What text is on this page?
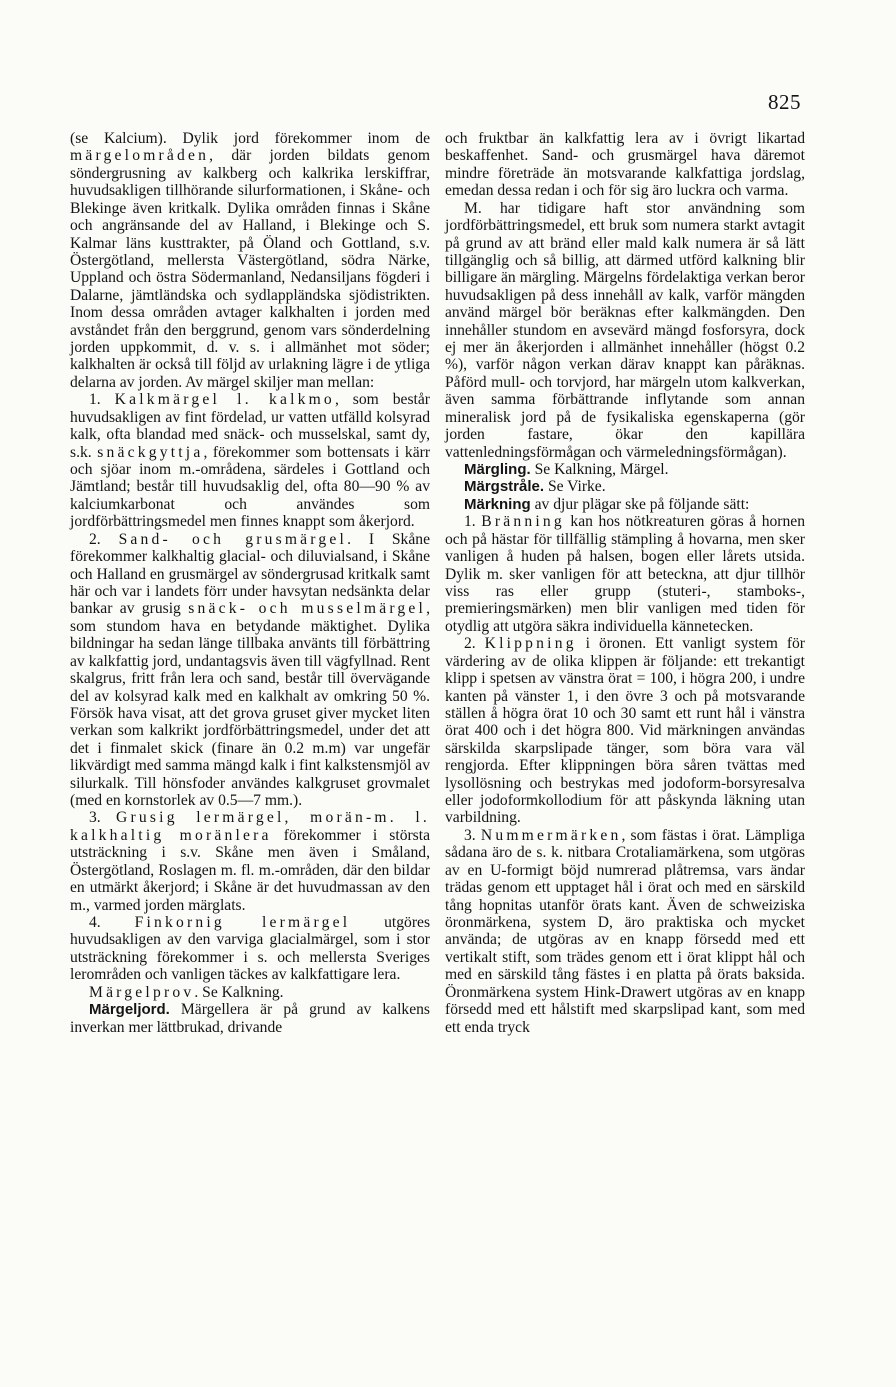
825

(se Kalcium). Dylik jord förekommer inom de märgelområden, där jorden bildats genom söndergrusning av kalkberg och kalkrika lerskiffrar, huvudsakligen tillhörande silurformationen, i Skåne- och Blekinge även kritkalk. Dylika områden finnas i Skåne och angränsande del av Halland, i Blekinge och S. Kalmar läns kusttrakter, på Öland och Gottland, s.v. Östergötland, mellersta Västergötland, södra Närke, Uppland och östra Södermanland, Nedansiljans fögderi i Dalarne, jämtländska och sydlappländska sjödistrikten. Inom dessa områden avtager kalkhalten i jorden med avståndet från den berggrund, genom vars sönderdelning jorden uppkommit, d. v. s. i allmänhet mot söder; kalkhalten är också till följd av urlakning lägre i de ytliga delarna av jorden. Av märgel skiljer man mellan:

1. Kalkmärgel l. kalkmo, som består huvudsakligen av fint fördelad, ur vatten utfälld kolsyrad kalk, ofta blandad med snäck- och musselskal, samt dy, s.k. snäckgyttja, förekommer som bottensats i kärr och sjöar inom m.-områdena, särdeles i Gottland och Jämtland; består till huvudsaklig del, ofta 80—90 % av kalciumkarbonat och användes som jordförbättringsmedel men finnes knappt som åkerjord.

2. Sand- och grusmärgel. I Skåne förekommer kalkhaltig glacial- och diluvialsand, i Skåne och Halland en grusmärgel av söndergrusad kritkalk samt här och var i landets förr under havsytan nedsänkta delar bankar av grusig snäck- och musselmärgel, som stundom hava en betydande mäktighet. Dylika bildningar ha sedan länge tillbaka använts till förbättring av kalkfattig jord, undantagsvis även till vägfyllnad. Rent skalgrus, fritt från lera och sand, består till övervägande del av kolsyrad kalk med en kalkhalt av omkring 50 %. Försök hava visat, att det grova gruset giver mycket liten verkan som kalkrikt jordförbättringsmedel, under det att det i finmalet skick (finare än 0.2 m.m) var ungefär likvärdigt med samma mängd kalk i fint kalkstensmjöl av silurkalk. Till hönsfoder användes kalkgruset grovmalet (med en kornstorlek av 0.5—7 mm.).

3. Grusig lermärgel, morän-m. l. kalkhaltig moränlera förekommer i största utsträckning i s.v. Skåne men även i Småland, Östergötland, Roslagen m. fl. m.-områden, där den bildar en utmärkt åkerjord; i Skåne är det huvudmassan av den m., varmed jorden märglats.

4. Finkornig lermärgel utgöres huvudsakligen av den varviga glacialmärgel, som i stor utsträckning förekommer i s. och mellersta Sveriges lerområden och vanligen täckes av kalkfattigare lera.

Märgelprov. Se Kalkning.

Märgeljord. Märgellera är på grund av kalkens inverkan mer lättbrukad, drivande

och fruktbar än kalkfattig lera av i övrigt likartad beskaffenhet. Sand- och grusmärgel hava däremot mindre företräde än motsvarande kalkfattiga jordslag, emedan dessa redan i och för sig äro luckra och varma.

M. har tidigare haft stor användning som jordförbättringsmedel, ett bruk som numera starkt avtagit på grund av att bränd eller mald kalk numera är så lätt tillgänglig och så billig, att därmed utförd kalkning blir billigare än märgling. Märgelns fördelaktiga verkan beror huvudsakligen på dess innehåll av kalk, varför mängden använd märgel bör beräknas efter kalkmängden. Den innehåller stundom en avsevärd mängd fosforsyra, dock ej mer än åkerjorden i allmänhet innehåller (högst 0.2 %), varför någon verkan därav knappt kan påräknas. Påförd mull- och torvjord, har märgeln utom kalkverkan, även samma förbättrande inflytande som annan mineralisk jord på de fysikaliska egenskaperna (gör jorden fastare, ökar den kapillära vattenledningsförmågan och värmeledningsförmågan).

Märgling. Se Kalkning, Märgel.

Märgstråle. Se Virke.

Märkning av djur plägar ske på följande sätt:

1. Bränning kan hos nötkreaturen göras å hornen och på hästar för tillfällig stämpling å hovarna, men sker vanligen å huden på halsen, bogen eller lårets utsida. Dylik m. sker vanligen för att beteckna, att djur tillhör viss ras eller grupp (stuteri-, stamboks-, premieringsmärken) men blir vanligen med tiden för otydlig att utgöra säkra individuella kännetecken.

2. Klippning i öronen. Ett vanligt system för värdering av de olika klippen är följande: ett trekantigt klipp i spetsen av vänstra örat = 100, i högra 200, i undre kanten på vänster 1, i den övre 3 och på motsvarande ställen å högra örat 10 och 30 samt ett runt hål i vänstra örat 400 och i det högra 800. Vid märkningen användas särskilda skarpslipade tänger, som böra vara väl rengjorda. Efter klippningen böra såren tvättas med lysollösning och bestrykas med jodoform-borsyresalva eller jodoformkollodium för att påskynda läkning utan varbildning.

3. Nummermärken, som fästas i örat. Lämpliga sådana äro de s. k. nitbara Crotaliamärkena, som utgöras av en U-formigt böjd numrerad plåtremsa, vars ändar trädas genom ett upptaget hål i örat och med en särskild tång hopnitas utanför örats kant. Även de schweiziska öronmärkena, system D, äro praktiska och mycket använda; de utgöras av en knapp försedd med ett vertikalt stift, som trädes genom ett i örat klippt hål och med en särskild tång fästes i en platta på örats baksida. Öronmärkena system Hink-Drawert utgöras av en knapp försedd med ett hålstift med skarpslipad kant, som med ett enda tryck
